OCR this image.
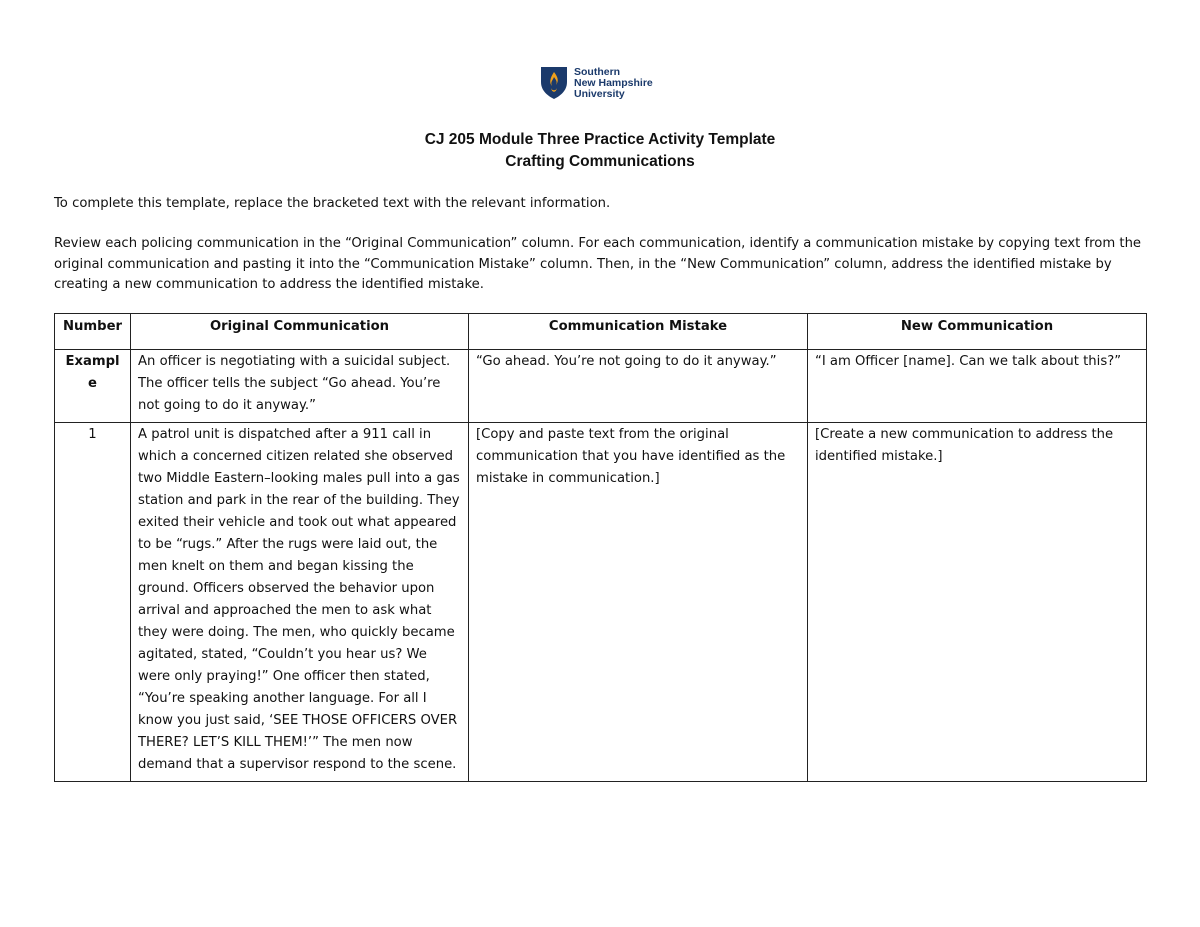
Southern
New Hampshire
University
CJ 205 Module Three Practice Activity Template
Crafting Communications

To complete this template, replace the bracketed text with the relevant information.

Review each policing communication in the “Original Communication” column. For each communication, identify a communication mistake by copying text from the original communication and pasting it into the “Communication Mistake” column. Then, in the “New Communication” column, address the identified mistake by creating a new communication to address the identified mistake.

Number	Original Communication	Communication Mistake	New Communication
Example	An officer is negotiating with a suicidal subject. The officer tells the subject “Go ahead. You’re not going to do it anyway.”	“Go ahead. You’re not going to do it anyway.”	“I am Officer [name]. Can we talk about this?”
1	A patrol unit is dispatched after a 911 call in which a concerned citizen related she observed two Middle Eastern–looking males pull into a gas station and park in the rear of the building. They exited their vehicle and took out what appeared to be “rugs.” After the rugs were laid out, the men knelt on them and began kissing the ground. Officers observed the behavior upon arrival and approached the men to ask what they were doing. The men, who quickly became agitated, stated, “Couldn’t you hear us? We were only praying!” One officer then stated, “You’re speaking another language. For all I know you just said, ‘SEE THOSE OFFICERS OVER THERE? LET’S KILL THEM!’” The men now demand that a supervisor respond to the scene.	[Copy and paste text from the original communication that you have identified as the mistake in communication.]	[Create a new communication to address the identified mistake.]
